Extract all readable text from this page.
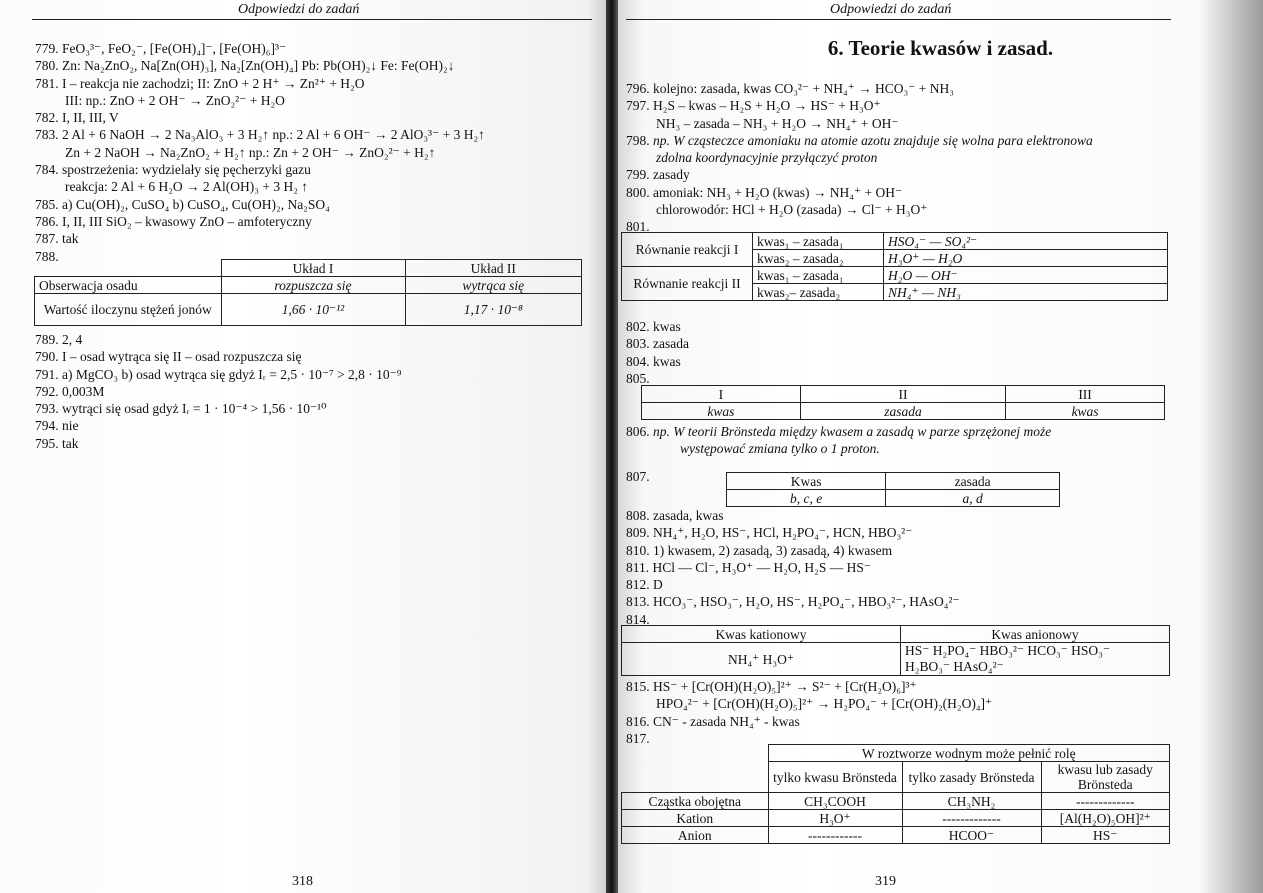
Odpowiedzi do zadań
779. FeO₃³⁻, FeO₂⁻, [Fe(OH)₄]⁻, [Fe(OH)₆]³⁻
780. Zn: Na₂ZnO₂, Na[Zn(OH)₃], Na₂[Zn(OH)₄] Pb: Pb(OH)₂↓ Fe: Fe(OH)₂↓
781. I – reakcja nie zachodzi; II: ZnO + 2 H⁺ → Zn²⁺ + H₂O
III: np.: ZnO + 2 OH⁻ → ZnO₂²⁻ + H₂O
782. I, II, III, V
783. 2 Al + 6 NaOH → 2 Na₃AlO₃ + 3 H₂↑ np.: 2 Al + 6 OH⁻ → 2 AlO₃³⁻ + 3 H₂↑
Zn + 2 NaOH → Na₂ZnO₂ + H₂↑ np.: Zn + 2 OH⁻ → ZnO₂²⁻ + H₂↑
784. spostrzeżenia: wydzielały się pęcherzyki gazu
reakcja: 2 Al + 6 H₂O → 2 Al(OH)₃ + 3 H₂ ↑
785. a) Cu(OH)₂, CuSO₄ b) CuSO₄, Cu(OH)₂, Na₂SO₄
786. I, II, III SiO₂ – kwasowy ZnO – amfoteryczny
787. tak
788.
	Układ I	Układ II
Obserwacja osadu	rozpuszcza się	wytrąca się
Wartość iloczynu stężeń jonów	1,66 · 10⁻¹²	1,17 · 10⁻⁸
789. 2, 4
790. I – osad wytrąca się II – osad rozpuszcza się
791. a) MgCO₃ b) osad wytrąca się gdyż Iᵣ = 2,5 · 10⁻⁷ > 2,8 · 10⁻⁹
792. 0,003M
793. wytrąci się osad gdyż Iᵣ = 1 · 10⁻⁴ > 1,56 · 10⁻¹⁰
794. nie
795. tak
318
Odpowiedzi do zadań
6. Teorie kwasów i zasad.
796. kolejno: zasada, kwas CO₃²⁻ + NH₄⁺ → HCO₃⁻ + NH₃
797. H₂S – kwas – H₂S + H₂O → HS⁻ + H₃O⁺
NH₃ – zasada – NH₃ + H₂O → NH₄⁺ + OH⁻
798. np. W cząsteczce amoniaku na atomie azotu znajduje się wolna para elektronowa
zdolna koordynacyjnie przyłączyć proton
799. zasady
800. amoniak: NH₃ + H₂O (kwas) → NH₄⁺ + OH⁻
chlorowodór: HCl + H₂O (zasada) → Cl⁻ + H₃O⁺
801.
Równanie reakcji I	kwas₁ – zasada₁	HSO₄⁻ — SO₄²⁻
	kwas₂ – zasada₂	H₃O⁺ — H₂O
Równanie reakcji II	kwas₁ – zasada₁	H₂O — OH⁻
	kwas₂– zasada₂	NH₄⁺ — NH₃
802. kwas
803. zasada
804. kwas
805.
I	II	III
kwas	zasada	kwas
806. np. W teorii Brönsteda między kwasem a zasadą w parze sprzężonej może
występować zmiana tylko o 1 proton.
807.	Kwas	zasada
b, c, e	a, d
808. zasada, kwas
809. NH₄⁺, H₂O, HS⁻, HCl, H₂PO₄⁻, HCN, HBO₃²⁻
810. 1) kwasem, 2) zasadą, 3) zasadą, 4) kwasem
811. HCl — Cl⁻, H₃O⁺ — H₂O, H₂S — HS⁻
812. D
813. HCO₃⁻, HSO₃⁻, H₂O, HS⁻, H₂PO₄⁻, HBO₃²⁻, HAsO₄²⁻
814.
Kwas kationowy	Kwas anionowy
NH₄⁺ H₃O⁺	HS⁻ H₂PO₄⁻ HBO₃²⁻ HCO₃⁻ HSO₃⁻
H₂BO₃⁻ HAsO₄²⁻
815. HS⁻ + [Cr(OH)(H₂O)₅]²⁺ → S²⁻ + [Cr(H₂O)₆]³⁺
HPO₄²⁻ + [Cr(OH)(H₂O)₅]²⁺ → H₂PO₄⁻ + [Cr(OH)₂(H₂O)₄]⁺
816. CN⁻ - zasada NH₄⁺ - kwas
817.
	W roztworze wodnym może pełnić rolę		
	tylko kwasu Brönsteda	tylko zasady Brönsteda	kwasu lub zasady Brönsteda
Cząstka obojętna	CH₃COOH	CH₃NH₂	-------------
Kation	H₃O⁺	-------------	[Al(H₂O)₅OH]²⁺
Anion	------------	HCOO⁻	HS⁻
319
